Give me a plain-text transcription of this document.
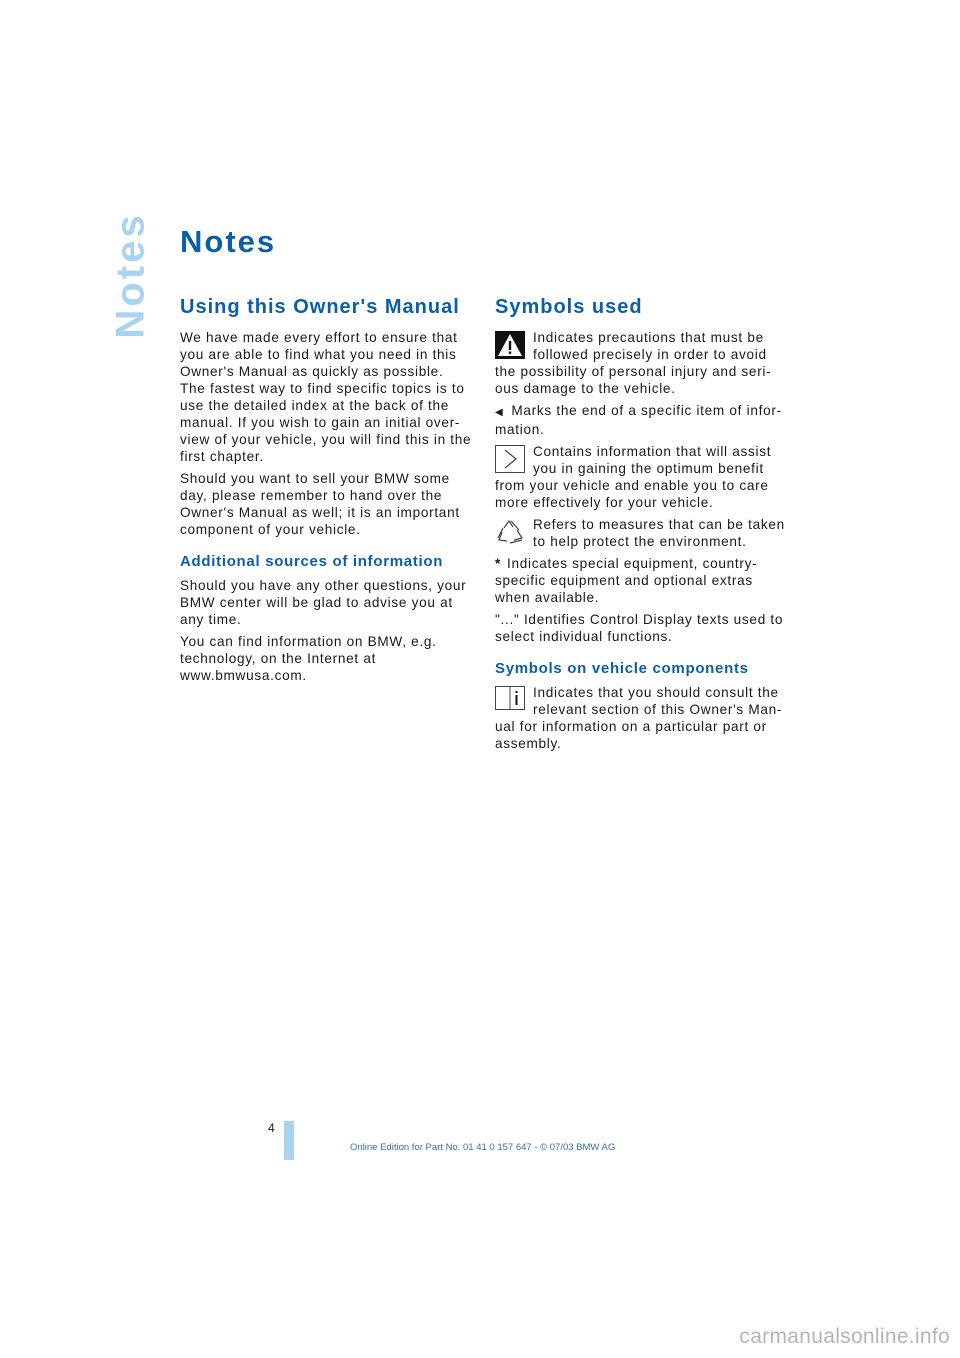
Notes Notes
Using this Owner's Manual

We have made every effort to ensure that you are able to find what you need in this Owner's Manual as quickly as possible. The fastest way to find specific topics is to use the detailed index at the back of the manual. If you wish to gain an initial over-view of your vehicle, you will find this in the first chapter.

Should you want to sell your BMW some day, please remember to hand over the Owner's Manual as well; it is an important component of your vehicle.

Additional sources of information

Should you have any other questions, your BMW center will be glad to advise you at any time.

You can find information on BMW, e.g. technology, on the Internet at www.bmwusa.com.

Symbols used
Indicates precautions that must be
followed precisely in order to avoid
the possibility of personal injury and seri-ous damage to the vehicle.

◀ Marks the end of a specific item of infor-mation.

Contains information that will assist
you in gaining the optimum benefit
from your vehicle and enable you to care more effectively for your vehicle.
Refers to measures that can be taken
to help protect the environment.

* Indicates special equipment, country-specific equipment and optional extras when available.

"..." Identifies Control Display texts used to select individual functions.

Symbols on vehicle components
Indicates that you should consult the
relevant section of this Owner's Man-
ual for information on a particular part or assembly.
4
Online Edition for Part No. 01 41 0 157 647 - © 07/03 BMW AG
carmanualsonline.info
